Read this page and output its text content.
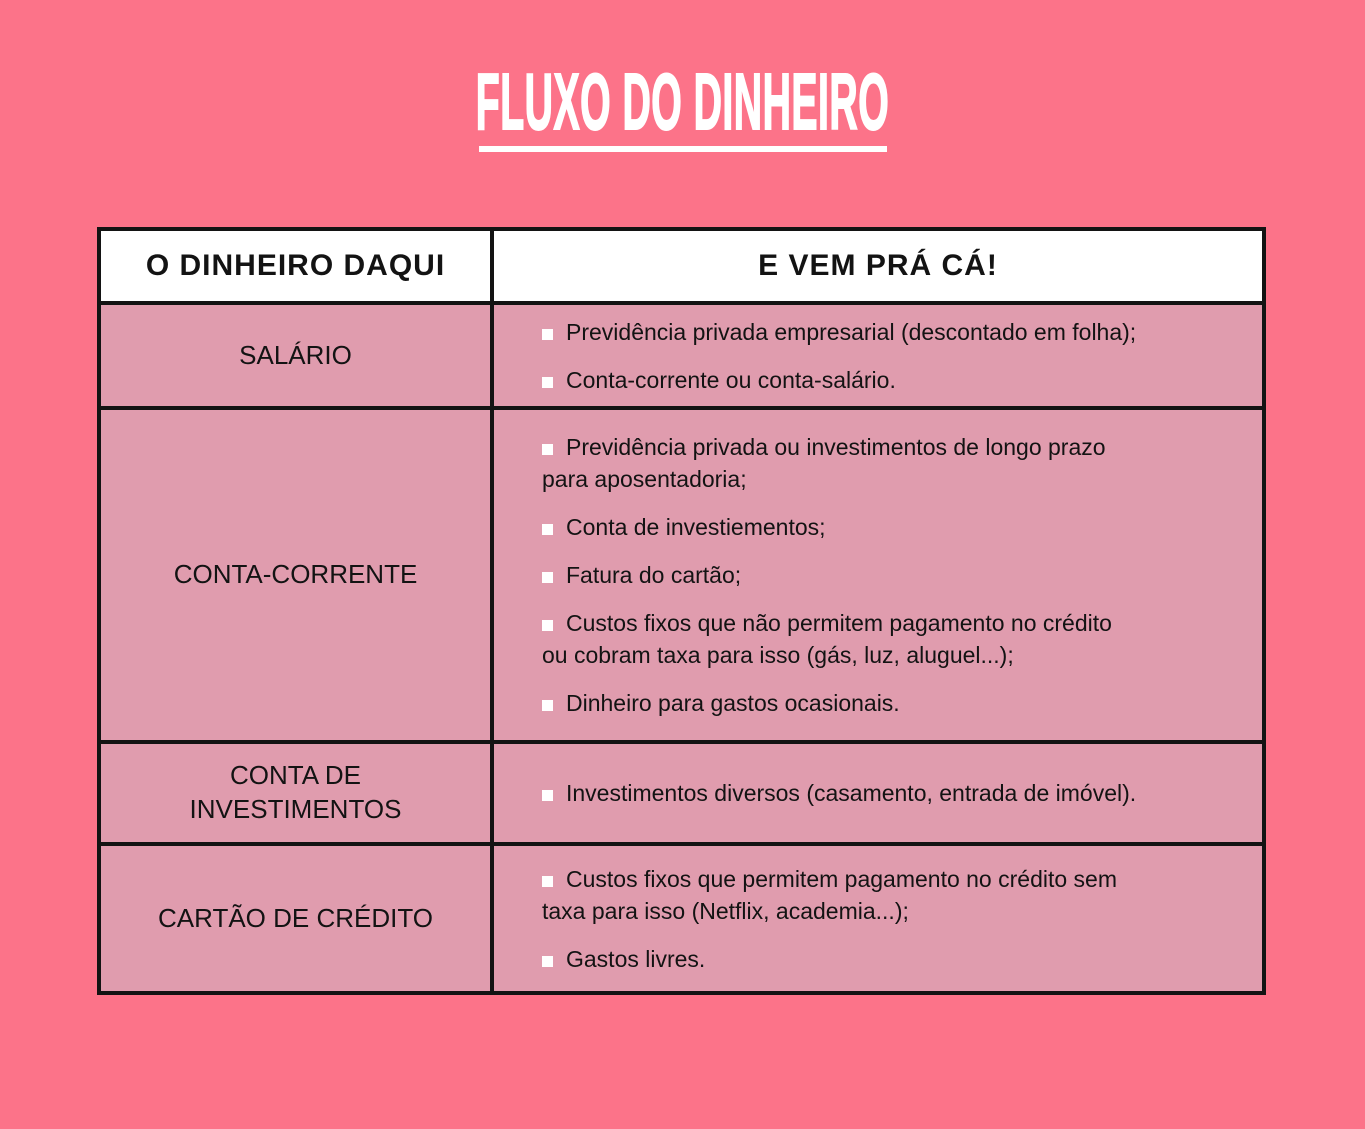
FLUXO DO DINHEIRO
O DINHEIRO DAQUI	E VEM PRÁ CÁ!
SALÁRIO

Previdência privada empresarial (descontado em folha);

Conta-corrente ou conta-salário.

CONTA-CORRENTE

Previdência privada ou investimentos de longo prazo para aposentadoria;

Conta de investiementos;

Fatura do cartão;

Custos fixos que não permitem pagamento no crédito ou cobram taxa para isso (gás, luz, aluguel...);

Dinheiro para gastos ocasionais.

CONTA DE INVESTIMENTOS

Investimentos diversos (casamento, entrada de imóvel).

CARTÃO DE CRÉDITO

Custos fixos que permitem pagamento no crédito sem taxa para isso (Netflix, academia...);

Gastos livres.
